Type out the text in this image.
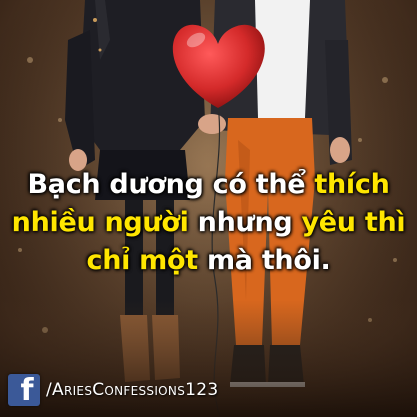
Bạch dương có thể thích
nhiều người nhưng yêu thì
chỉ một mà thôi.
f /AriesConfessions123
